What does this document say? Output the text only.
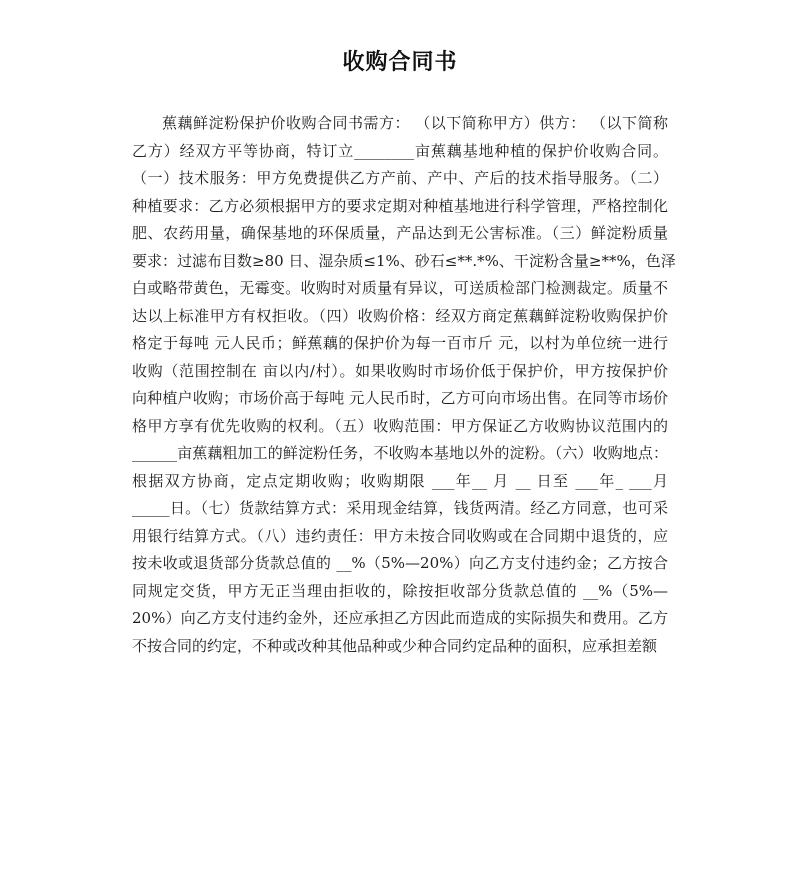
收购合同书
蕉藕鲜淀粉保护价收购合同书需方： （以下简称甲方）供方： （以下简称
乙方）经双方平等协商，特订立________亩蕉藕基地种植的保护价收购合同。
（一）技术服务：甲方免费提供乙方产前、产中、产后的技术指导服务。（二）
种植要求：乙方必须根据甲方的要求定期对种植基地进行科学管理，严格控制化
肥、农药用量，确保基地的环保质量，产品达到无公害标准。（三）鲜淀粉质量
要求：过滤布目数≥80 日、湿杂质≤1%、砂石≤**.*%、干淀粉含量≥**%，色泽
白或略带黄色，无霉变。收购时对质量有异议，可送质检部门检测裁定。质量不
达以上标准甲方有权拒收。（四）收购价格：经双方商定蕉藕鲜淀粉收购保护价
格定于每吨 元人民币；鲜蕉藕的保护价为每一百市斤 元，以村为单位统一进行
收购（范围控制在 亩以内/村）。如果收购时市场价低于保护价，甲方按保护价
向种植户收购；市场价高于每吨 元人民币时，乙方可向市场出售。在同等市场价
格甲方享有优先收购的权利。（五）收购范围：甲方保证乙方收购协议范围内的
______亩蕉藕粗加工的鲜淀粉任务，不收购本基地以外的淀粉。（六）收购地点：
根据双方协商，定点定期收购；收购期限 ___年__ 月 __ 日至 ___年_ ___月
_____日。（七）货款结算方式：采用现金结算，钱货两清。经乙方同意，也可采
用银行结算方式。（八）违约责任：甲方未按合同收购或在合同期中退货的，应
按未收或退货部分货款总值的 __%（5%—20%）向乙方支付违约金；乙方按合
同规定交货，甲方无正当理由拒收的，除按拒收部分货款总值的 __%（5%—
20%）向乙方支付违约金外，还应承担乙方因此而造成的实际损失和费用。乙方
不按合同的约定，不种或改种其他品种或少种合同约定品种的面积，应承担差额
